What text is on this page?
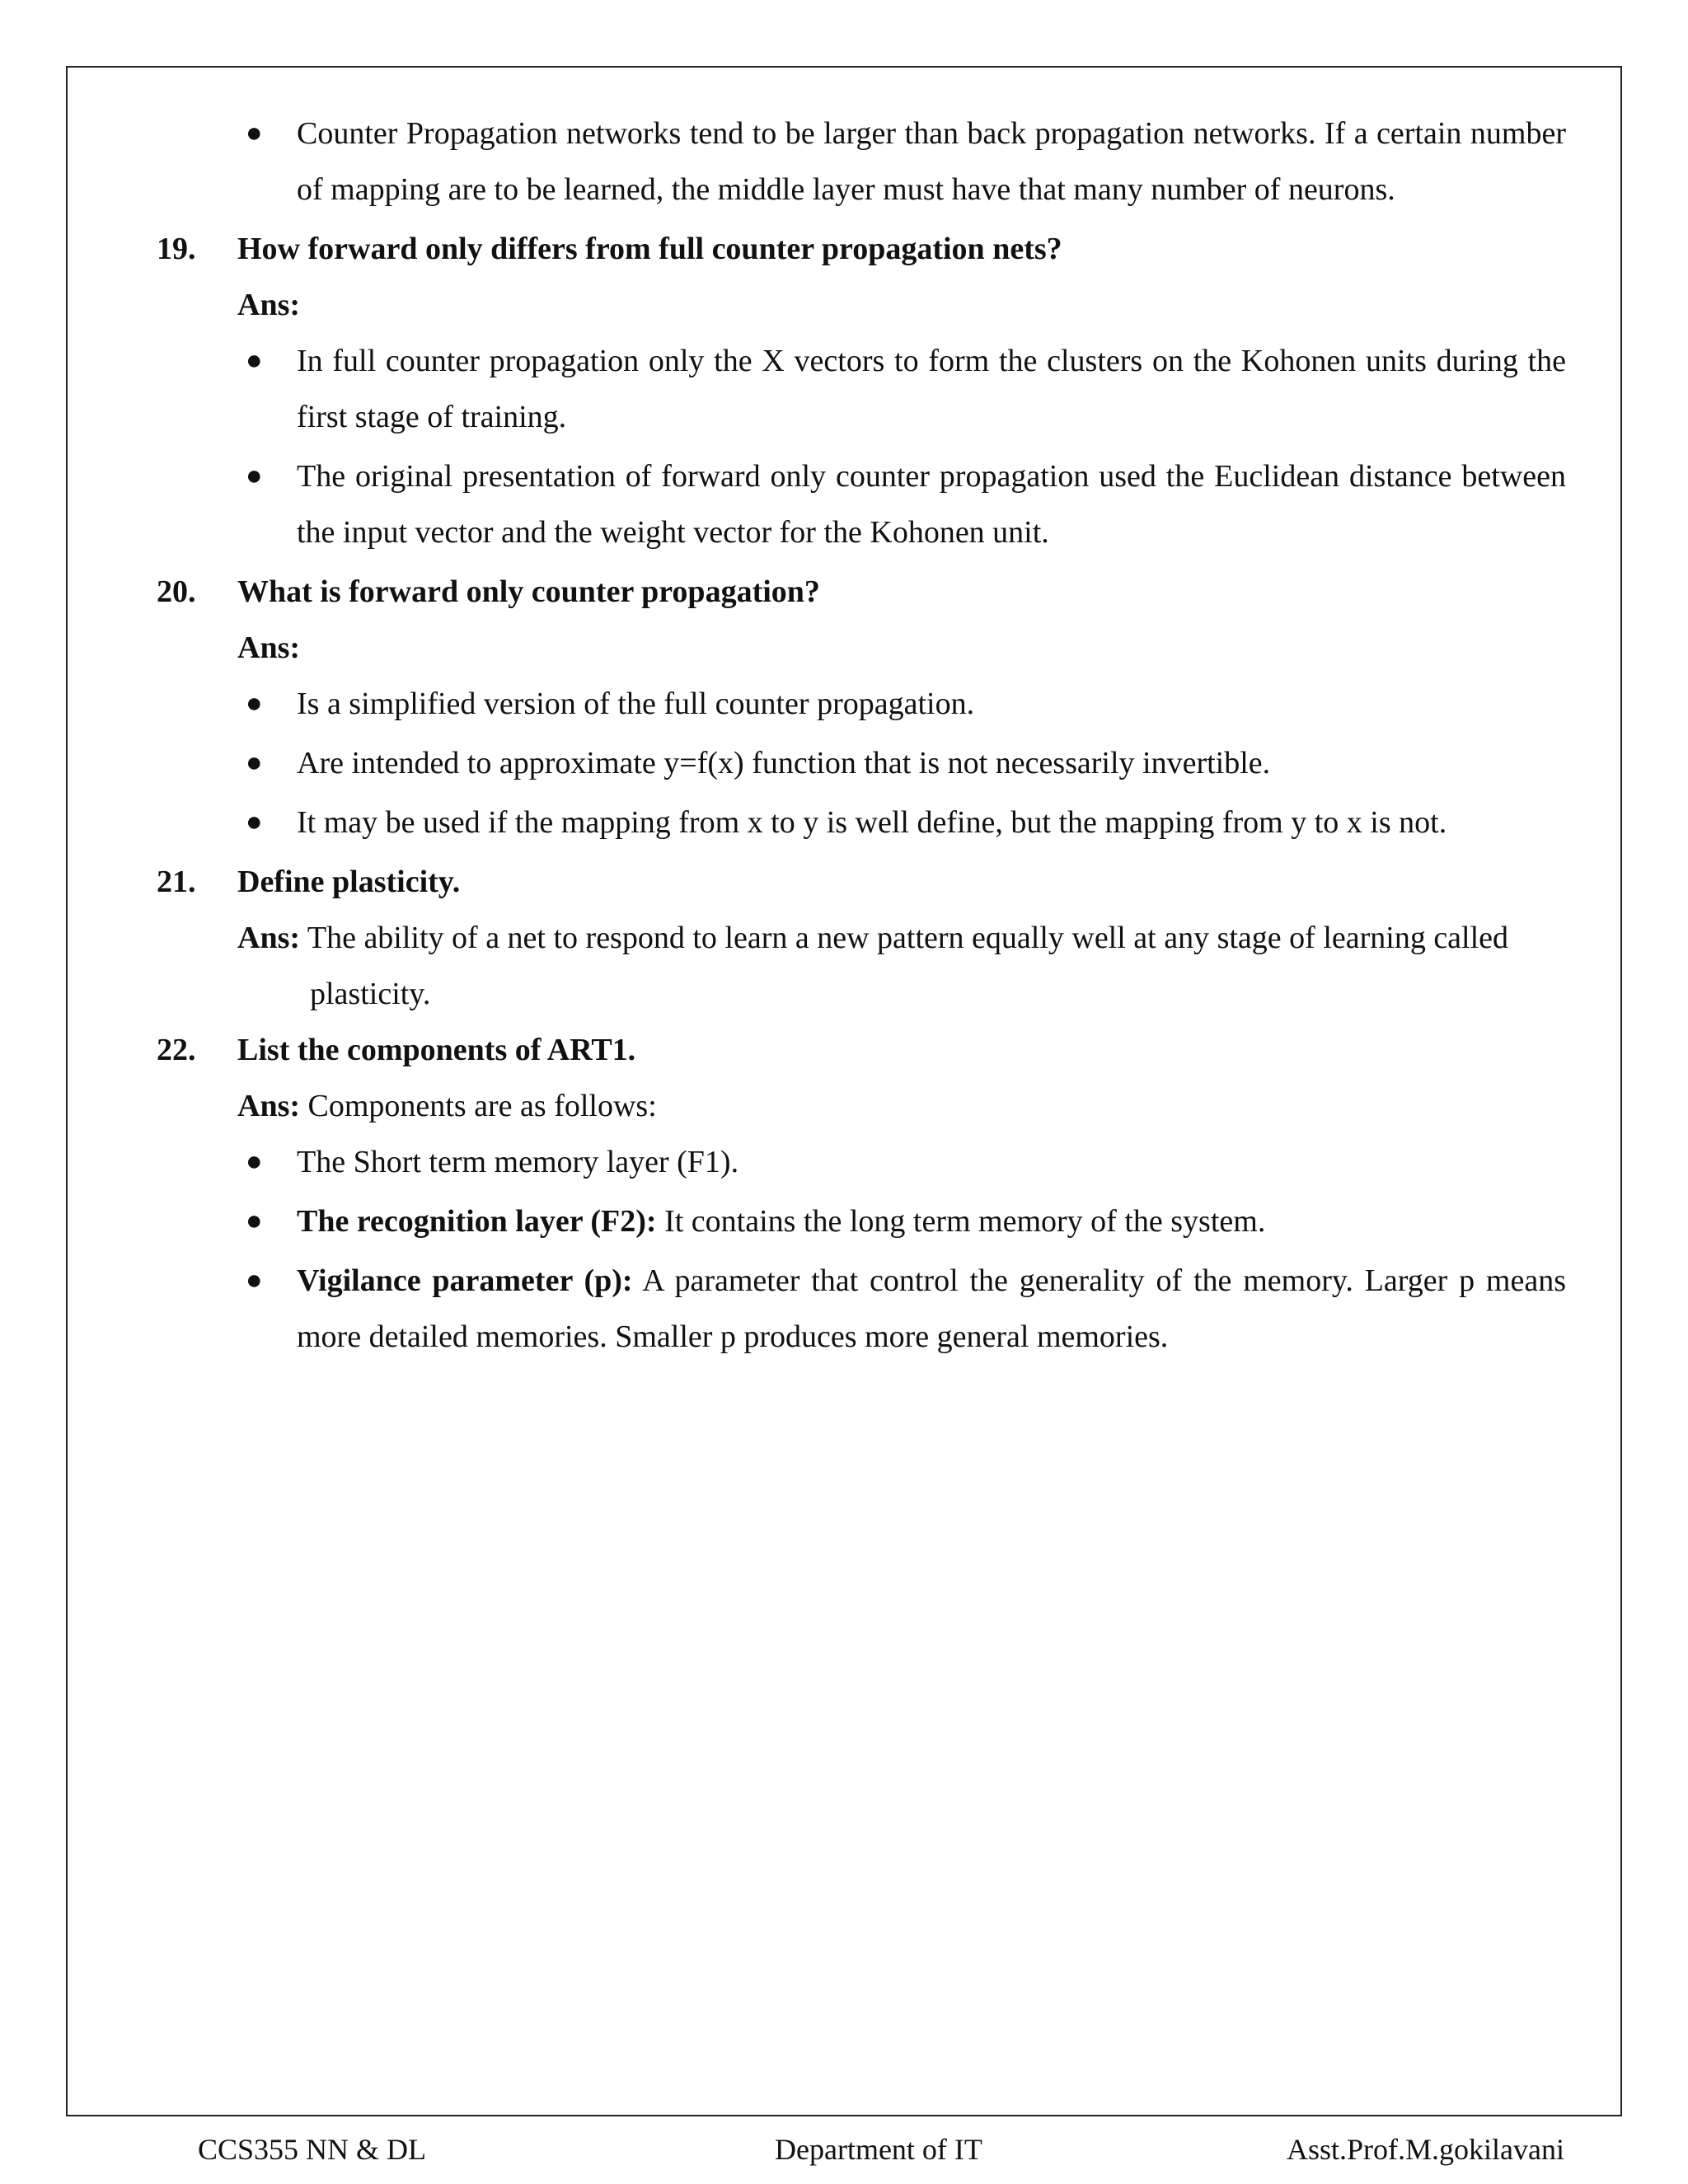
● Counter Propagation networks tend to be larger than back propagation networks. If a certain number of mapping are to be learned, the middle layer must have that many number of neurons.

19. How forward only differs from full counter propagation nets?

Ans:

● In full counter propagation only the X vectors to form the clusters on the Kohonen units during the first stage of training.

● The original presentation of forward only counter propagation used the Euclidean distance between the input vector and the weight vector for the Kohonen unit.

20. What is forward only counter propagation?

Ans:

● Is a simplified version of the full counter propagation.

● Are intended to approximate y=f(x) function that is not necessarily invertible.

● It may be used if the mapping from x to y is well define, but the mapping from y to x is not.

21. Define plasticity.

Ans: The ability of a net to respond to learn a new pattern equally well at any stage of learning called
plasticity.

22. List the components of ART1.

Ans: Components are as follows:

● The Short term memory layer (F1).

● The recognition layer (F2): It contains the long term memory of the system.

● Vigilance parameter (p): A parameter that control the generality of the memory. Larger p means more detailed memories. Smaller p produces more general memories.

CCS355 NN & DL	Department of IT	Asst.Prof.M.gokilavani
